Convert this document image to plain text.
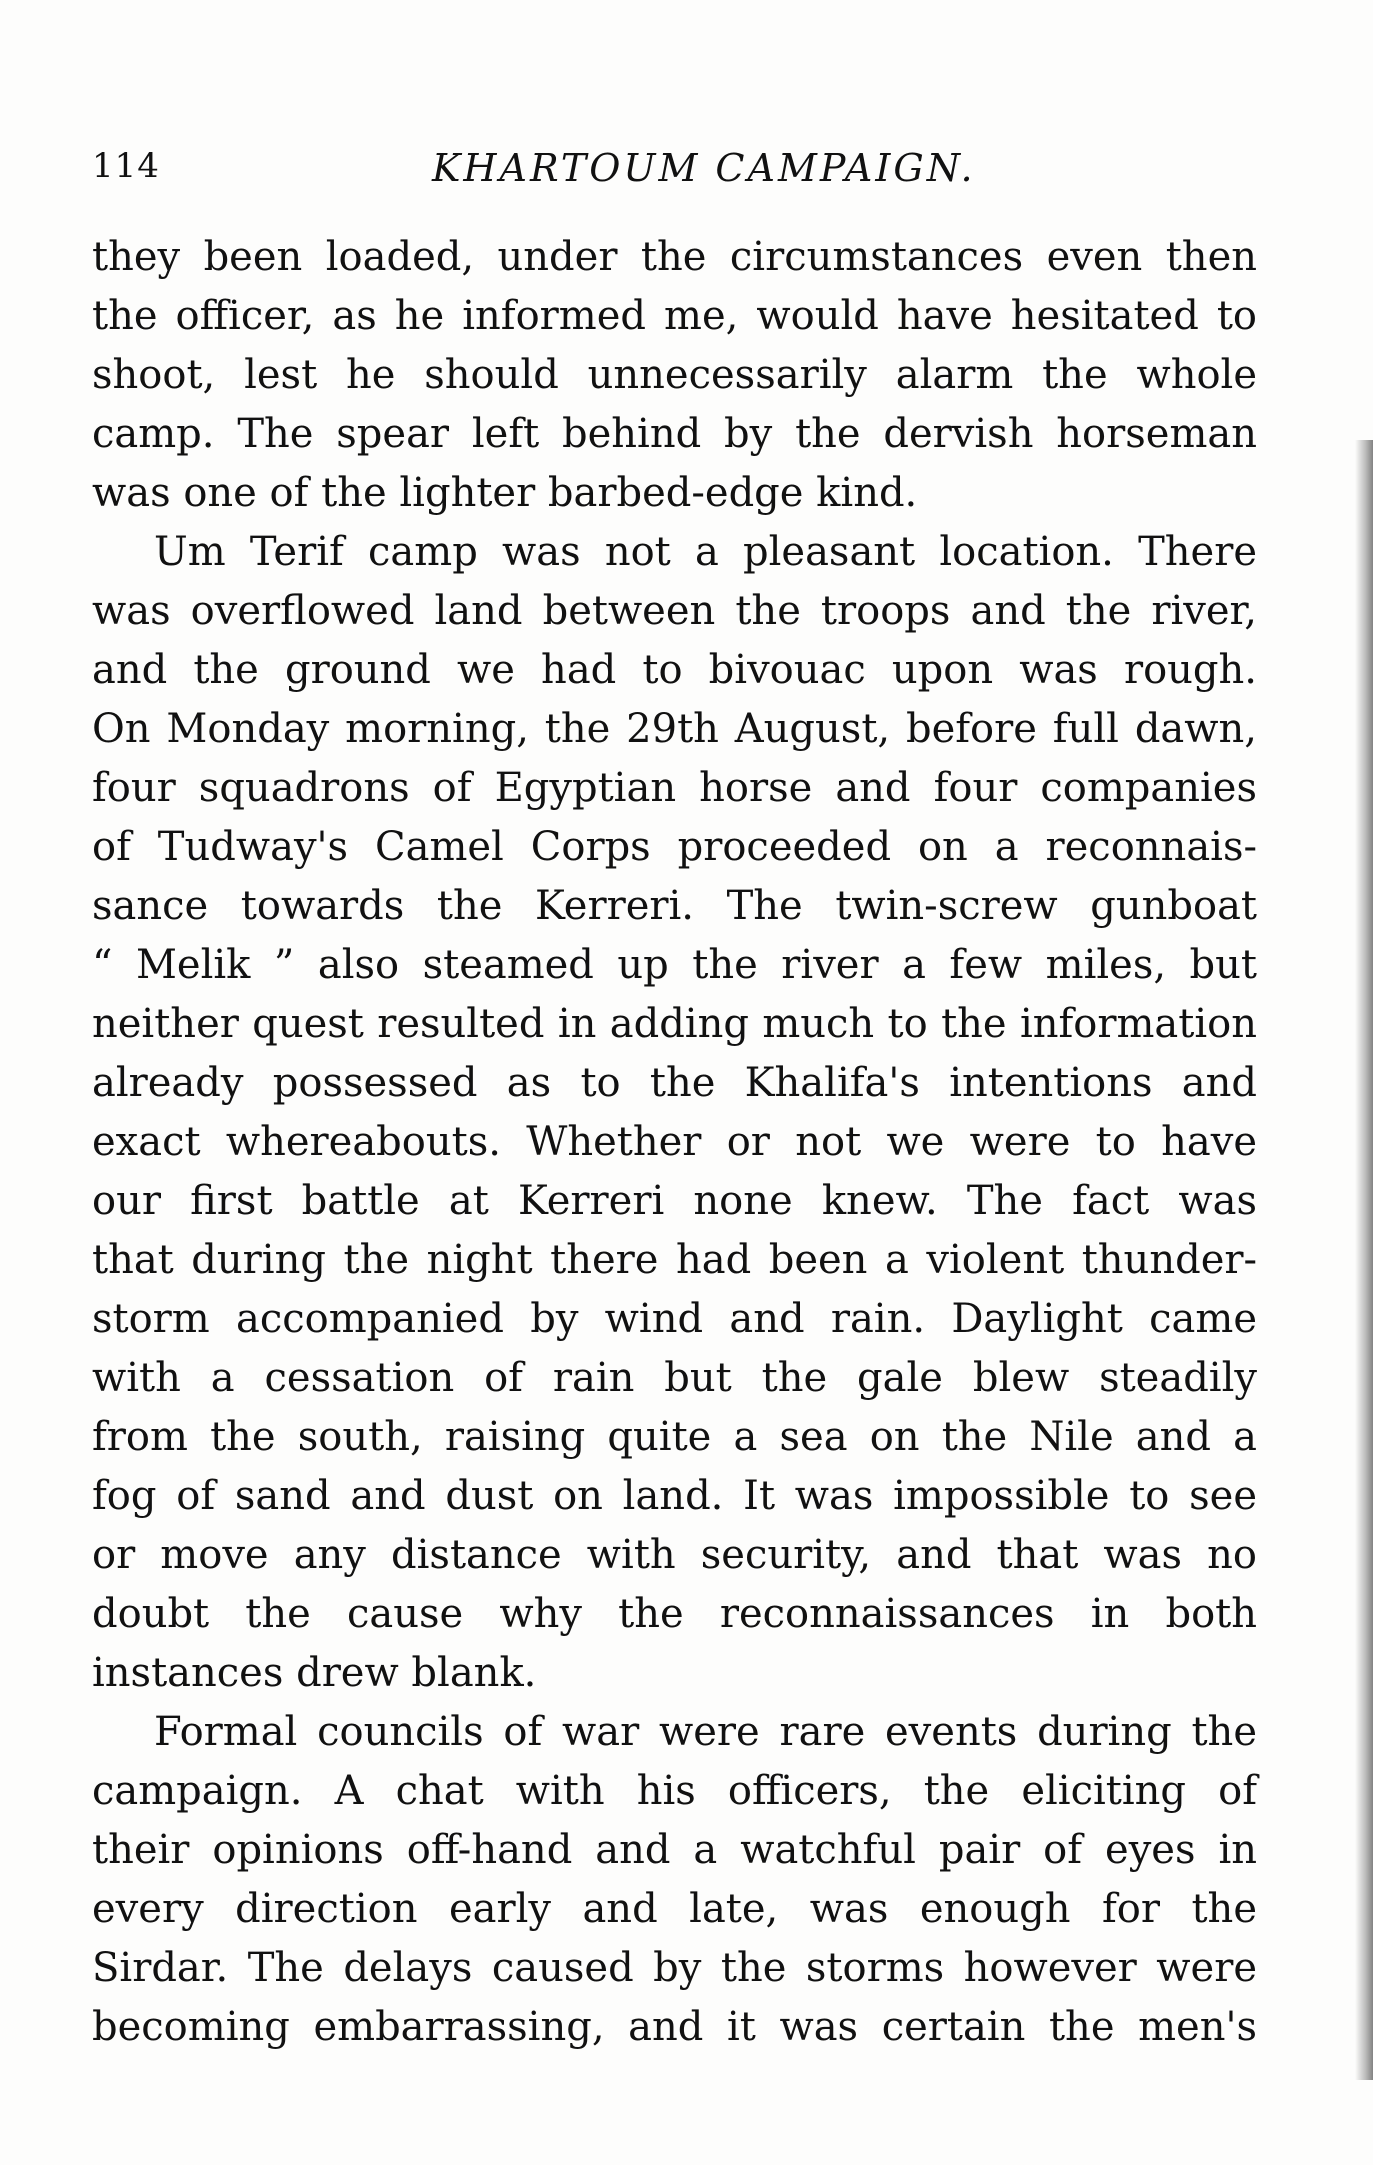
114	KHARTOUM CAMPAIGN.
they been loaded, under the circumstances even then
the officer, as he informed me, would have hesitated to
shoot, lest he should unnecessarily alarm the whole
camp. The spear left behind by the dervish horseman
was one of the lighter barbed-edge kind.
Um Terif camp was not a pleasant location. There
was overflowed land between the troops and the river,
and the ground we had to bivouac upon was rough.
On Monday morning, the 29th August, before full dawn,
four squadrons of Egyptian horse and four companies
of Tudway's Camel Corps proceeded on a reconnais-
sance towards the Kerreri. The twin-screw gunboat
“ Melik ” also steamed up the river a few miles, but
neither quest resulted in adding much to the information
already possessed as to the Khalifa's intentions and
exact whereabouts. Whether or not we were to have
our first battle at Kerreri none knew. The fact was
that during the night there had been a violent thunder-
storm accompanied by wind and rain. Daylight came
with a cessation of rain but the gale blew steadily
from the south, raising quite a sea on the Nile and a
fog of sand and dust on land. It was impossible to see
or move any distance with security, and that was no
doubt the cause why the reconnaissances in both
instances drew blank.
Formal councils of war were rare events during the
campaign. A chat with his officers, the eliciting of
their opinions off-hand and a watchful pair of eyes in
every direction early and late, was enough for the
Sirdar. The delays caused by the storms however were
becoming embarrassing, and it was certain the men's
